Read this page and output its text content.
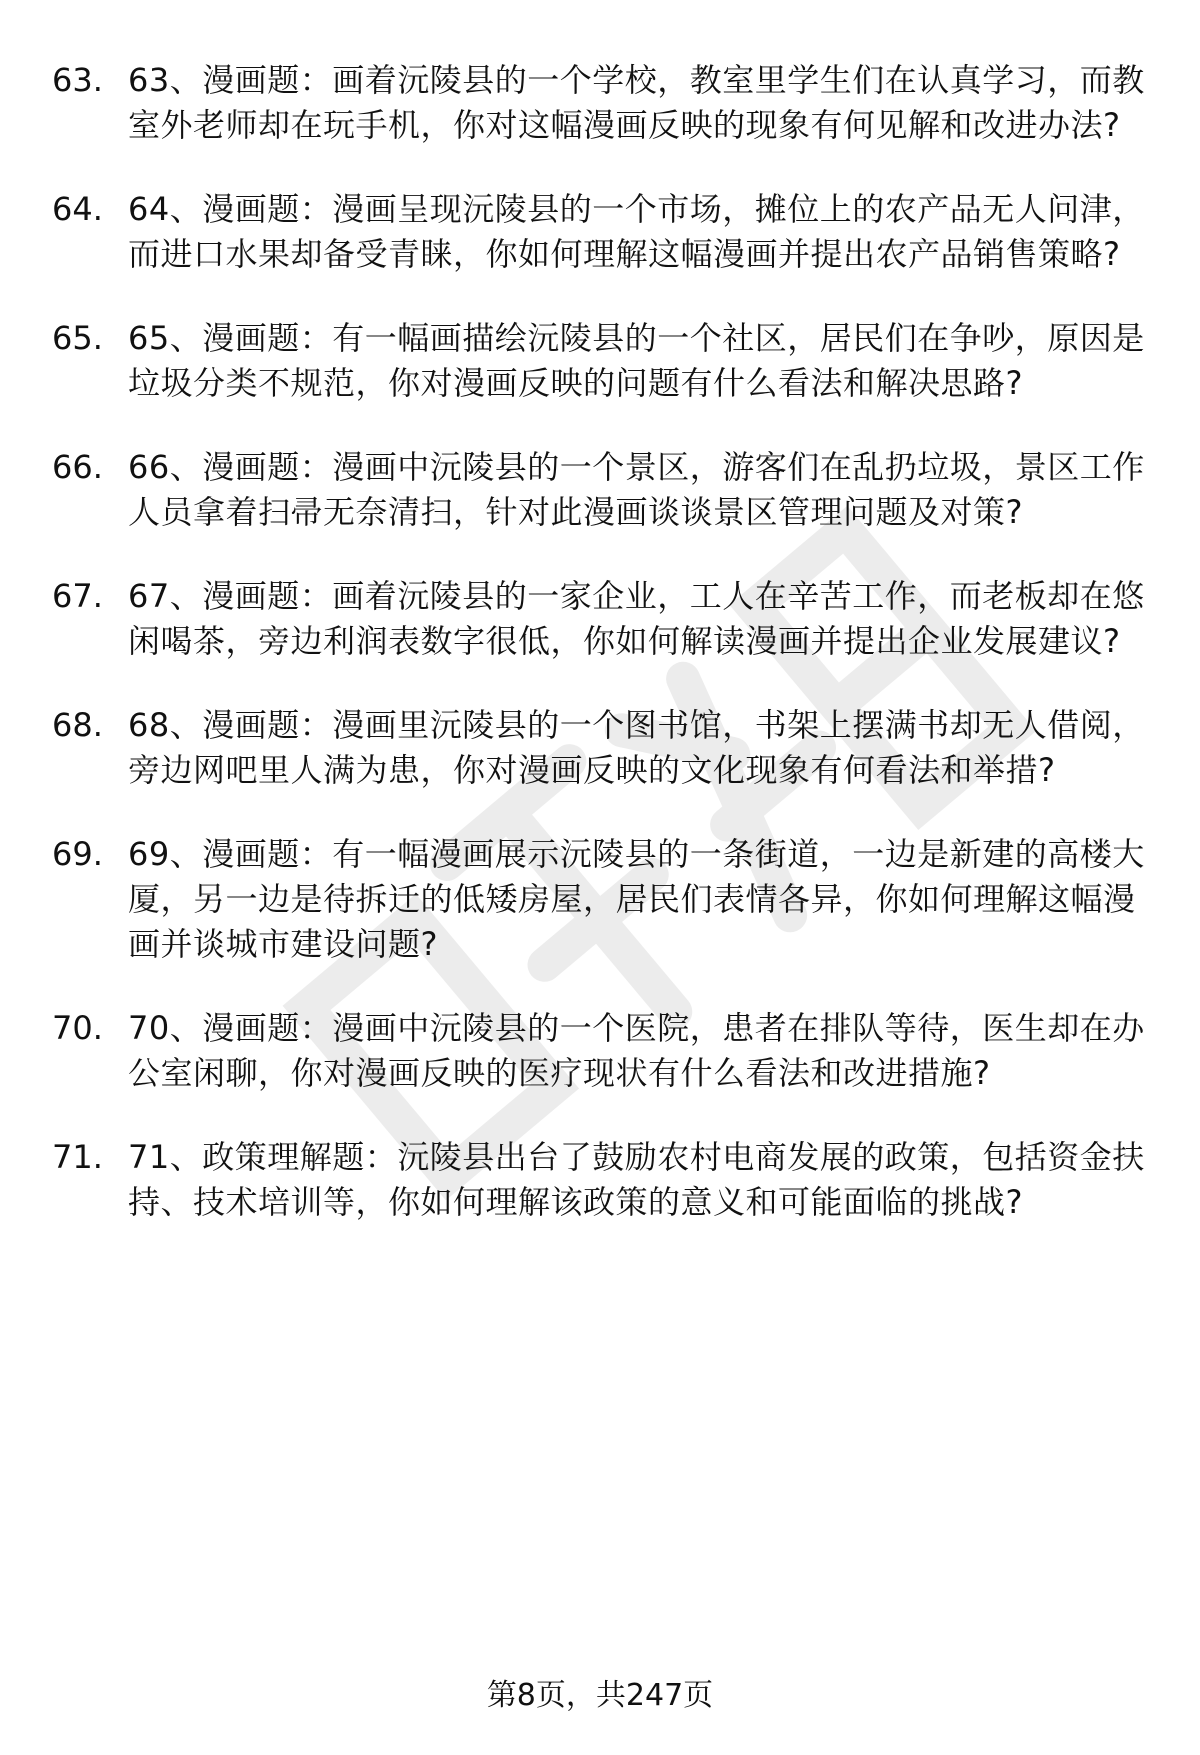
63. 63、漫画题：画着沅陵县的一个学校，教室里学生们在认真学习，而教室外老师却在玩手机，你对这幅漫画反映的现象有何见解和改进办法?
64. 64、漫画题：漫画呈现沅陵县的一个市场，摊位上的农产品无人问津，而进口水果却备受青睐，你如何理解这幅漫画并提出农产品销售策略?
65. 65、漫画题：有一幅画描绘沅陵县的一个社区，居民们在争吵，原因是垃圾分类不规范，你对漫画反映的问题有什么看法和解决思路?
66. 66、漫画题：漫画中沅陵县的一个景区，游客们在乱扔垃圾，景区工作人员拿着扫帚无奈清扫，针对此漫画谈谈景区管理问题及对策?
67. 67、漫画题：画着沅陵县的一家企业，工人在辛苦工作，而老板却在悠闲喝茶，旁边利润表数字很低，你如何解读漫画并提出企业发展建议?
68. 68、漫画题：漫画里沅陵县的一个图书馆，书架上摆满书却无人借阅，旁边网吧里人满为患，你对漫画反映的文化现象有何看法和举措?
69. 69、漫画题：有一幅漫画展示沅陵县的一条街道，一边是新建的高楼大厦，另一边是待拆迁的低矮房屋，居民们表情各异，你如何理解这幅漫画并谈城市建设问题?
70. 70、漫画题：漫画中沅陵县的一个医院，患者在排队等待，医生却在办公室闲聊，你对漫画反映的医疗现状有什么看法和改进措施?
71. 71、政策理解题：沅陵县出台了鼓励农村电商发展的政策，包括资金扶持、技术培训等，你如何理解该政策的意义和可能面临的挑战?
第8页，共247页
